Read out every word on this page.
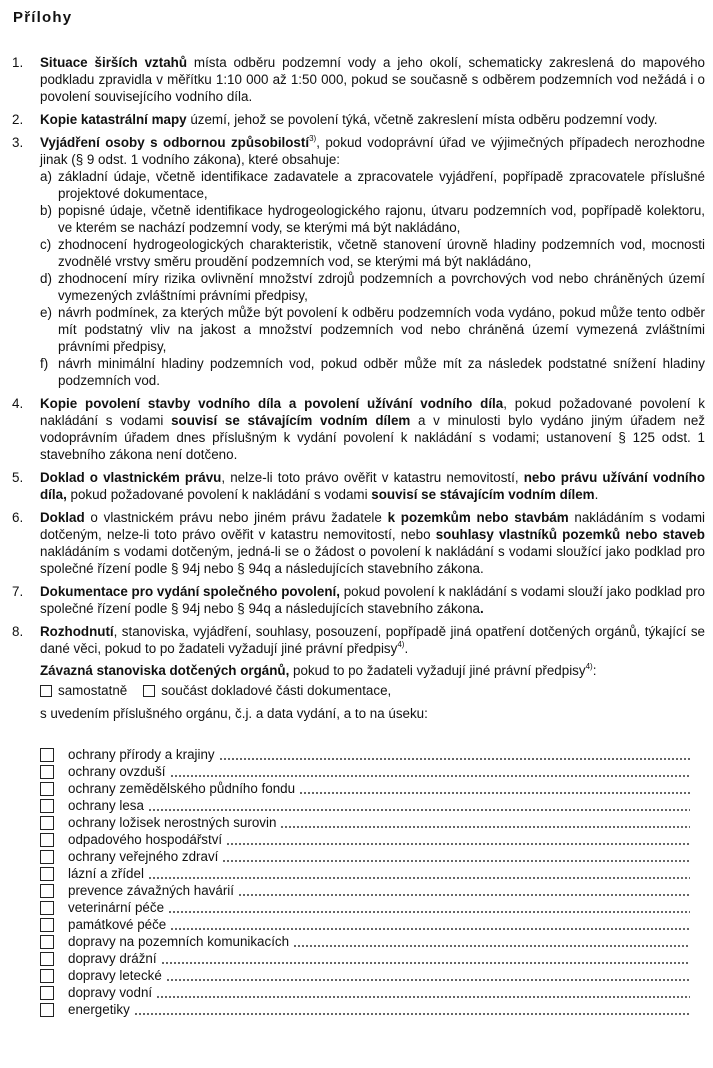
Přílohy
1. Situace širších vztahů místa odběru podzemní vody a jeho okolí, schematicky zakreslená do mapového podkladu zpravidla v měřítku 1:10 000 až 1:50 000, pokud se současně s odběrem podzemních vod nežádá i o povolení souvisejícího vodního díla.
2. Kopie katastrální mapy území, jehož se povolení týká, včetně zakreslení místa odběru podzemní vody.
3. Vyjádření osoby s odbornou způsobilostí$^{3)}$, pokud vodoprávní úřad ve výjimečných případech nerozhodne jinak (§ 9 odst. 1 vodního zákona), které obsahuje:
a) základní údaje, včetně identifikace zadavatele a zpracovatele vyjádření, popřípadě zpracovatele příslušné projektové dokumentace,
b) popisné údaje, včetně identifikace hydrogeologického rajonu, útvaru podzemních vod, popřípadě kolektoru, ve kterém se nachází podzemní vody, se kterými má být nakládáno,
c) zhodnocení hydrogeologických charakteristik, včetně stanovení úrovně hladiny podzemních vod, mocnosti zvodnělé vrstvy směru proudění podzemních vod, se kterými má být nakládáno,
d) zhodnocení míry rizika ovlivnění množství zdrojů podzemních a povrchových vod nebo chráněných území vymezených zvláštními právními předpisy,
e) návrh podmínek, za kterých může být povolení k odběru podzemních voda vydáno, pokud může tento odběr mít podstatný vliv na jakost a množství podzemních vod nebo chráněná území vymezená zvláštními právními předpisy,
f) návrh minimální hladiny podzemních vod, pokud odběr může mít za následek podstatné snížení hladiny podzemních vod.
4. Kopie povolení stavby vodního díla a povolení užívání vodního díla, pokud požadované povolení k nakládání s vodami souvisí se stávajícím vodním dílem a v minulosti bylo vydáno jiným úřadem než vodoprávním úřadem dnes příslušným k vydání povolení k nakládání s vodami; ustanovení § 125 odst. 1 stavebního zákona není dotčeno.
5. Doklad o vlastnickém právu, nelze-li toto právo ověřit v katastru nemovitostí, nebo právu užívání vodního díla, pokud požadované povolení k nakládání s vodami souvisí se stávajícím vodním dílem.
6. Doklad o vlastnickém právu nebo jiném právu žadatele k pozemkům nebo stavbám nakládáním s vodami dotčeným, nelze-li toto právo ověřit v katastru nemovitostí, nebo souhlasy vlastníků pozemků nebo staveb nakládáním s vodami dotčeným, jedná-li se o žádost o povolení k nakládání s vodami sloužící jako podklad pro společné řízení podle § 94j nebo § 94q a následujících stavebního zákona.
7. Dokumentace pro vydání společného povolení, pokud povolení k nakládání s vodami slouží jako podklad pro společné řízení podle § 94j nebo § 94q a následujících stavebního zákona.
8. Rozhodnutí, stanoviska, vyjádření, souhlasy, posouzení, popřípadě jiná opatření dotčených orgánů, týkající se dané věci, pokud to po žadateli vyžadují jiné právní předpisy$^{4)}$.
Závazná stanoviska dotčených orgánů, pokud to po žadateli vyžadují jiné právní předpisy$^{4)}$:
samostatně	součást dokladové části dokumentace,
s uvedením příslušného orgánu, č.j. a data vydání, a to na úseku:
ochrany přírody a krajiny
ochrany ovzduší
ochrany zemědělského půdního fondu
ochrany lesa
ochrany ložisek nerostných surovin
odpadového hospodářství
ochrany veřejného zdraví
lázní a zřídel
prevence závažných havárií
veterinární péče
památkové péče
dopravy na pozemních komunikacích
dopravy drážní
dopravy letecké
dopravy vodní
energetiky
